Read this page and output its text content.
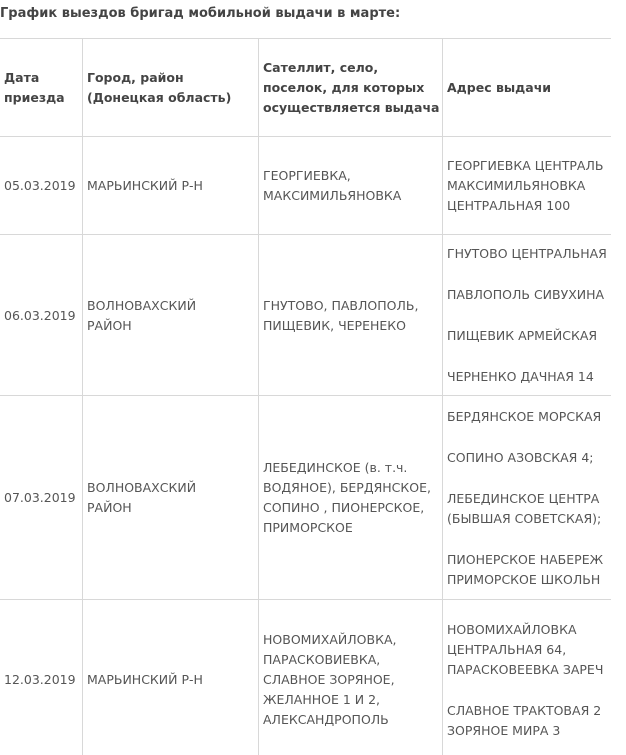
График выездов бригад мобильной выдачи в марте:
Дата приезда
Город, район (Донецкая область)
Сателлит, село, поселок, для которых осуществляется выдача
Адрес выдачи
05.03.2019 МАРЬИНСКИЙ Р-Н
ГЕОРГИЕВКА, МАКСИМИЛЬЯНОВКА
ГЕОРГИЕВКА ЦЕНТРАЛЬ
МАКСИМИЛЬЯНОВКА
ЦЕНТРАЛЬНАЯ 100
06.03.2019
ВОЛНОВАХСКИЙ РАЙОН
ГНУТОВО, ПАВЛОПОЛЬ, ПИЩЕВИК, ЧЕРЕНЕКО
ГНУТОВО ЦЕНТРАЛЬНАЯ
ПАВЛОПОЛЬ СИВУХИНА
ПИЩЕВИК АРМЕЙСКАЯ
ЧЕРНЕНКО ДАЧНАЯ 14
07.03.2019
ВОЛНОВАХСКИЙ РАЙОН
ЛЕБЕДИНСКОЕ (в. т.ч. ВОДЯНОЕ), БЕРДЯНСКОЕ, СОПИНО , ПИОНЕРСКОЕ, ПРИМОРСКОЕ
БЕРДЯНСКОЕ МОРСКАЯ
СОПИНО АЗОВСКАЯ 4;
ЛЕБЕДИНСКОЕ ЦЕНТРА
(БЫВШАЯ СОВЕТСКАЯ);
ПИОНЕРСКОЕ НАБЕРЕЖ
ПРИМОРСКОЕ ШКОЛЬН
12.03.2019 МАРЬИНСКИЙ Р-Н
НОВОМИХАЙЛОВКА, ПАРАСКОВИЕВКА, СЛАВНОЕ ЗОРЯНОЕ, ЖЕЛАННОЕ 1 И 2, АЛЕКСАНДРОПОЛЬ
НОВОМИХАЙЛОВКА
ЦЕНТРАЛЬНАЯ 64,
ПАРАСКОВЕЕВКА ЗАРЕЧ
СЛАВНОЕ ТРАКТОВАЯ 2
ЗОРЯНОЕ МИРА 3
